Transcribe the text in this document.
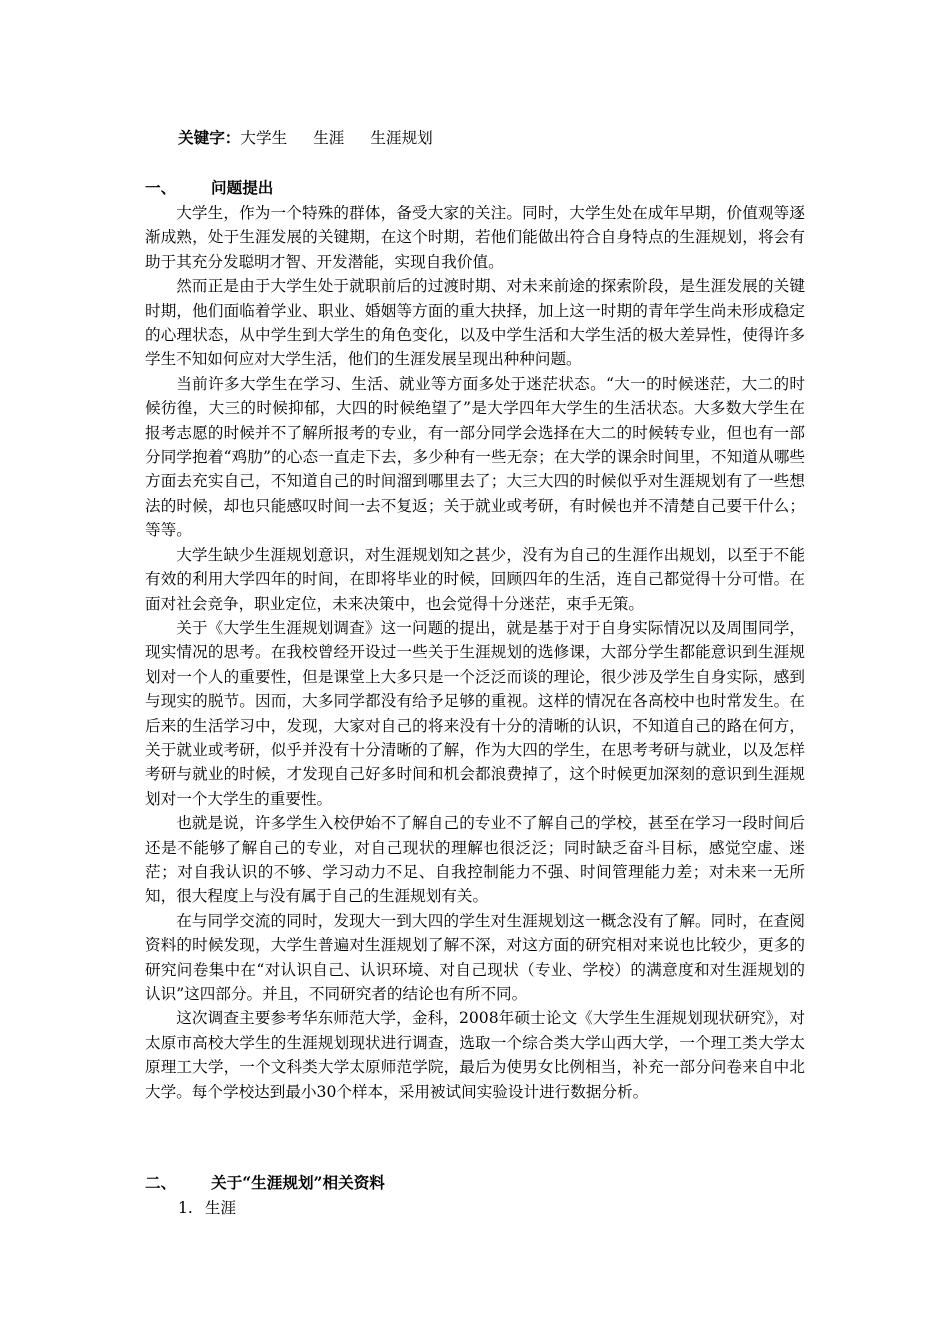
关键字：大学生 生涯 生涯规划
一、 问题提出

大学生，作为一个特殊的群体，备受大家的关注。同时，大学生处在成年早期，价值观等逐渐成熟，处于生涯发展的关键期，在这个时期，若他们能做出符合自身特点的生涯规划，将会有助于其充分发聪明才智、开发潜能，实现自我价值。

然而正是由于大学生处于就职前后的过渡时期、对未来前途的探索阶段，是生涯发展的关键时期，他们面临着学业、职业、婚姻等方面的重大抉择，加上这一时期的青年学生尚未形成稳定的心理状态，从中学生到大学生的角色变化，以及中学生活和大学生活的极大差异性，使得许多学生不知如何应对大学生活，他们的生涯发展呈现出种种问题。

当前许多大学生在学习、生活、就业等方面多处于迷茫状态。“大一的时候迷茫，大二的时候彷徨，大三的时候抑郁，大四的时候绝望了”是大学四年大学生的生活状态。大多数大学生在报考志愿的时候并不了解所报考的专业，有一部分同学会选择在大二的时候转专业，但也有一部分同学抱着“鸡肋”的心态一直走下去，多少种有一些无奈；在大学的课余时间里，不知道从哪些方面去充实自己，不知道自己的时间溜到哪里去了；大三大四的时候似乎对生涯规划有了一些想法的时候，却也只能感叹时间一去不复返；关于就业或考研，有时候也并不清楚自己要干什么；等等。

大学生缺少生涯规划意识，对生涯规划知之甚少，没有为自己的生涯作出规划，以至于不能有效的利用大学四年的时间，在即将毕业的时候，回顾四年的生活，连自己都觉得十分可惜。在面对社会竞争，职业定位，未来决策中，也会觉得十分迷茫，束手无策。

关于《大学生生涯规划调查》这一问题的提出，就是基于对于自身实际情况以及周围同学，现实情况的思考。在我校曾经开设过一些关于生涯规划的选修课，大部分学生都能意识到生涯规划对一个人的重要性，但是课堂上大多只是一个泛泛而谈的理论，很少涉及学生自身实际，感到与现实的脱节。因而，大多同学都没有给予足够的重视。这样的情况在各高校中也时常发生。在后来的生活学习中，发现，大家对自己的将来没有十分的清晰的认识，不知道自己的路在何方，关于就业或考研，似乎并没有十分清晰的了解，作为大四的学生，在思考考研与就业，以及怎样考研与就业的时候，才发现自己好多时间和机会都浪费掉了，这个时候更加深刻的意识到生涯规划对一个大学生的重要性。

也就是说，许多学生入校伊始不了解自己的专业不了解自己的学校，甚至在学习一段时间后还是不能够了解自己的专业，对自己现状的理解也很泛泛；同时缺乏奋斗目标，感觉空虚、迷茫；对自我认识的不够、学习动力不足、自我控制能力不强、时间管理能力差；对未来一无所知，很大程度上与没有属于自己的生涯规划有关。

在与同学交流的同时，发现大一到大四的学生对生涯规划这一概念没有了解。同时，在查阅资料的时候发现，大学生普遍对生涯规划了解不深，对这方面的研究相对来说也比较少，更多的研究问卷集中在“对认识自己、认识环境、对自己现状（专业、学校）的满意度和对生涯规划的认识”这四部分。并且，不同研究者的结论也有所不同。

这次调查主要参考华东师范大学，金科，2008年硕士论文《大学生生涯规划现状研究》，对太原市高校大学生的生涯规划现状进行调查，选取一个综合类大学山西大学，一个理工类大学太原理工大学，一个文科类大学太原师范学院，最后为使男女比例相当，补充一部分问卷来自中北大学。每个学校达到最小30个样本，采用被试间实验设计进行数据分析。

二、 关于“生涯规划”相关资料
1. 生涯
